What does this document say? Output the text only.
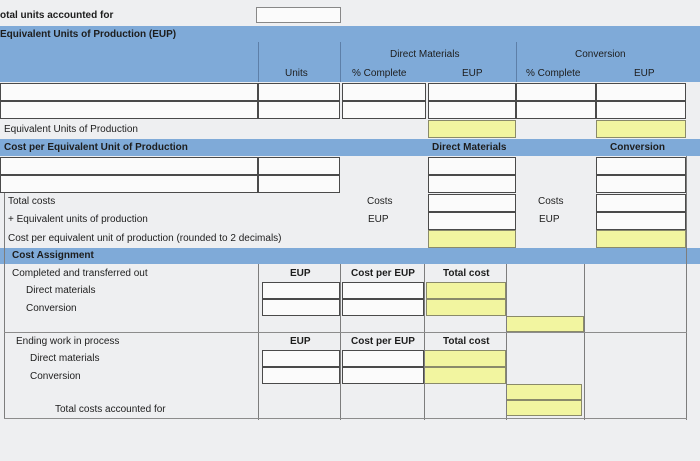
otal units accounted for
Equivalent Units of Production (EUP)
Direct Materials	Conversion
Units	% Complete	EUP	% Complete	EUP
Equivalent Units of Production
Cost per Equivalent Unit of Production	Direct Materials	Conversion
Total costs	Costs	Costs
+ Equivalent units of production	EUP	EUP
Cost per equivalent unit of production (rounded to 2 decimals)
Cost Assignment
Completed and transferred out	EUP	Cost per EUP	Total cost
Direct materials
Conversion
Ending work in process	EUP	Cost per EUP	Total cost
Direct materials
Conversion
Total costs accounted for
